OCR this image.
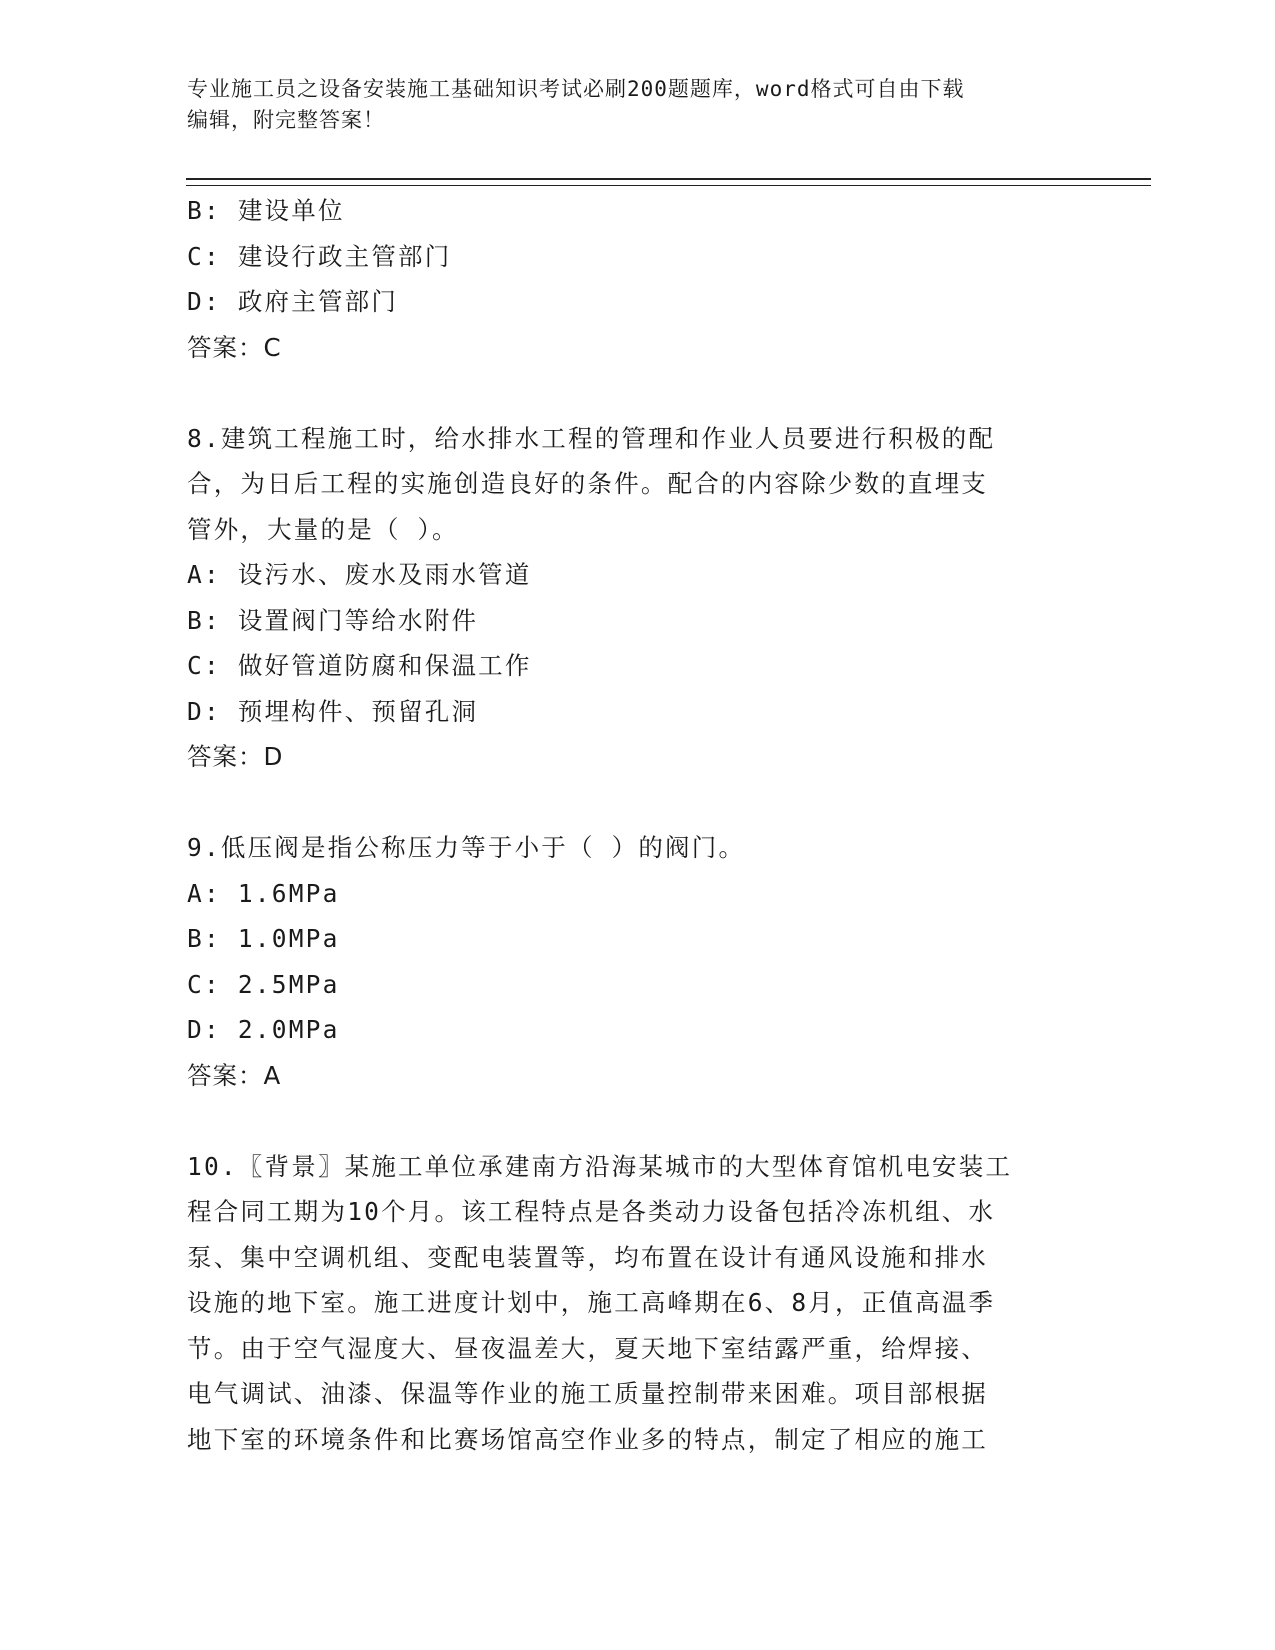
专业施工员之设备安装施工基础知识考试必刷200题题库，word格式可自由下载
编辑，附完整答案！
B: 建设单位
C: 建设行政主管部门
D: 政府主管部门
答案：C
8.建筑工程施工时，给水排水工程的管理和作业人员要进行积极的配
合，为日后工程的实施创造良好的条件。配合的内容除少数的直埋支
管外，大量的是（ ）。
A: 设污水、废水及雨水管道
B: 设置阀门等给水附件
C: 做好管道防腐和保温工作
D: 预埋构件、预留孔洞
答案：D
9.低压阀是指公称压力等于小于（ ）的阀门。
A: 1.6MPa
B: 1.0MPa
C: 2.5MPa
D: 2.0MPa
答案：A
10.〖背景〗某施工单位承建南方沿海某城市的大型体育馆机电安装工
程合同工期为10个月。该工程特点是各类动力设备包括冷冻机组、水
泵、集中空调机组、变配电装置等，均布置在设计有通风设施和排水
设施的地下室。施工进度计划中，施工高峰期在6、8月，正值高温季
节。由于空气湿度大、昼夜温差大，夏天地下室结露严重，给焊接、
电气调试、油漆、保温等作业的施工质量控制带来困难。项目部根据
地下室的环境条件和比赛场馆高空作业多的特点，制定了相应的施工
